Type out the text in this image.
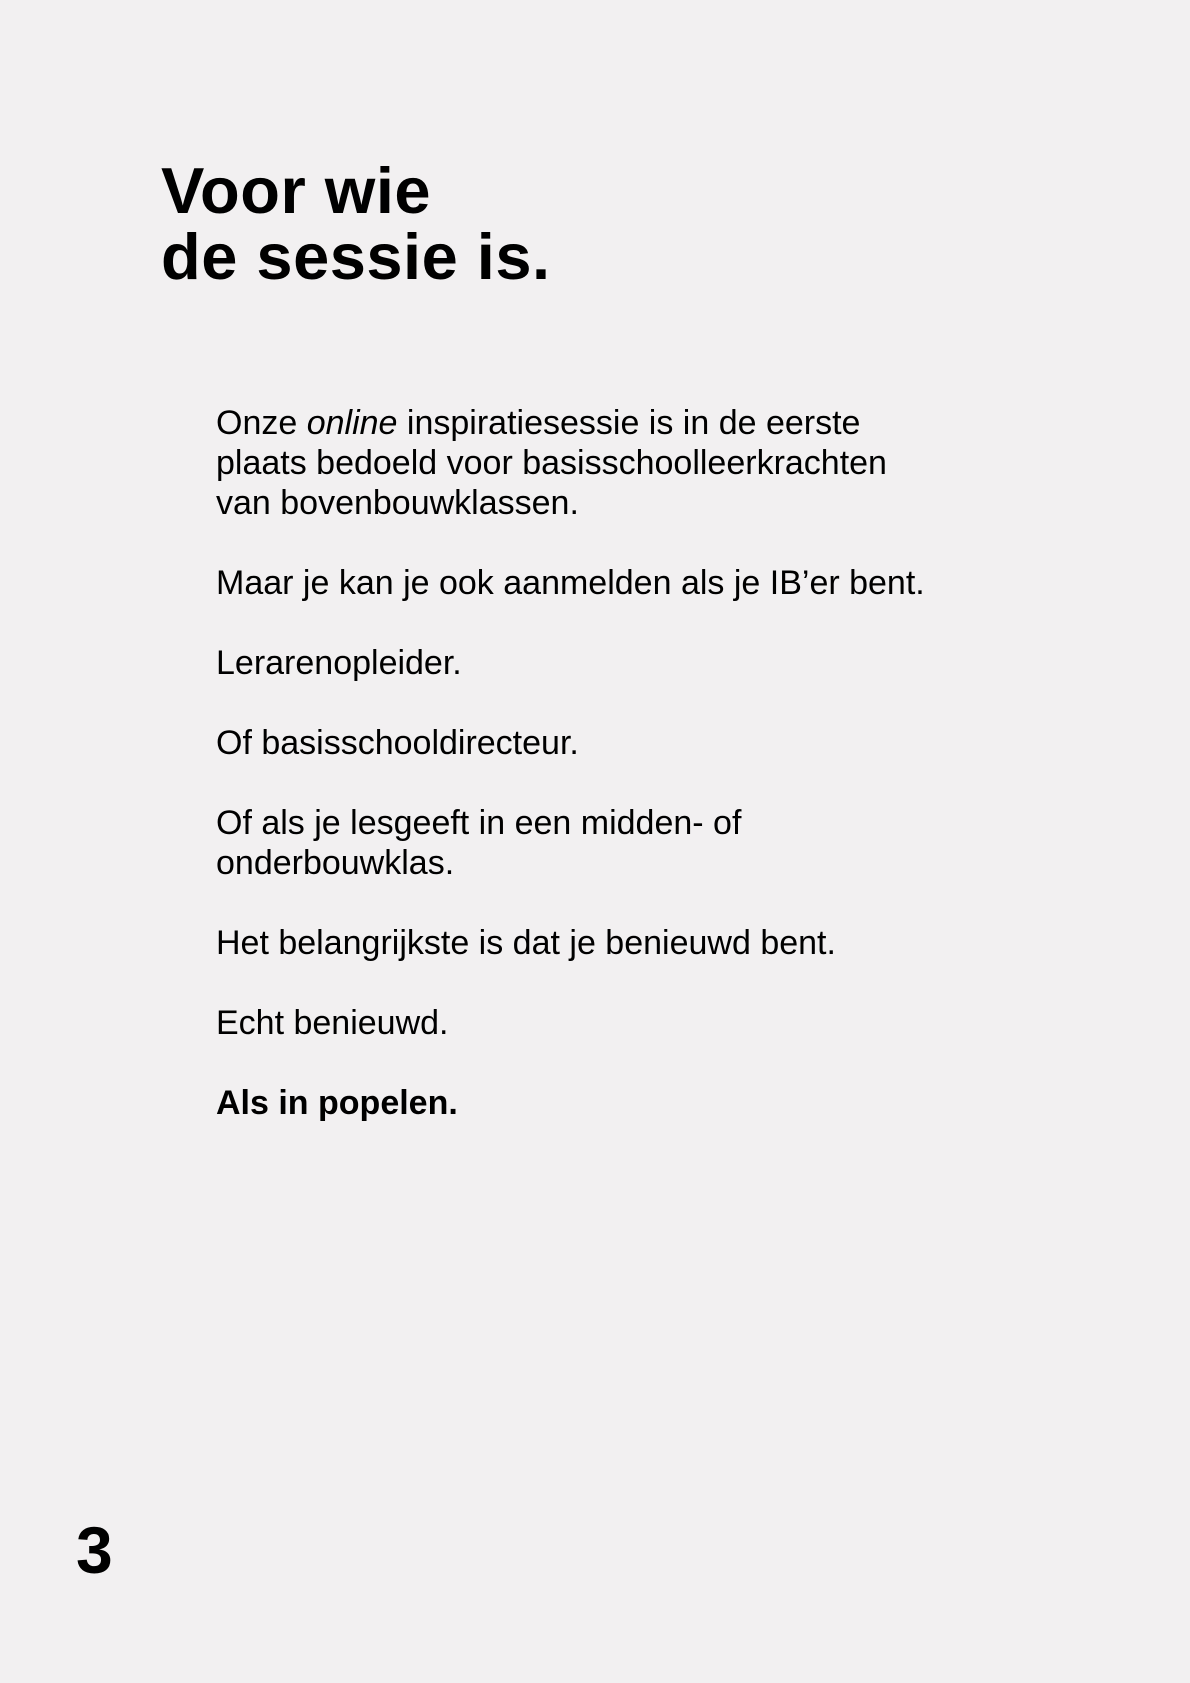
Voor wie
de sessie is.

Onze online inspiratiesessie is in de eerste
plaats bedoeld voor basisschoolleerkrachten
van bovenbouwklassen.

Maar je kan je ook aanmelden als je IB’er bent.

Lerarenopleider.

Of basisschooldirecteur.

Of als je lesgeeft in een midden- of
onderbouwklas.

Het belangrijkste is dat je benieuwd bent.

Echt benieuwd.

Als in popelen.

3
